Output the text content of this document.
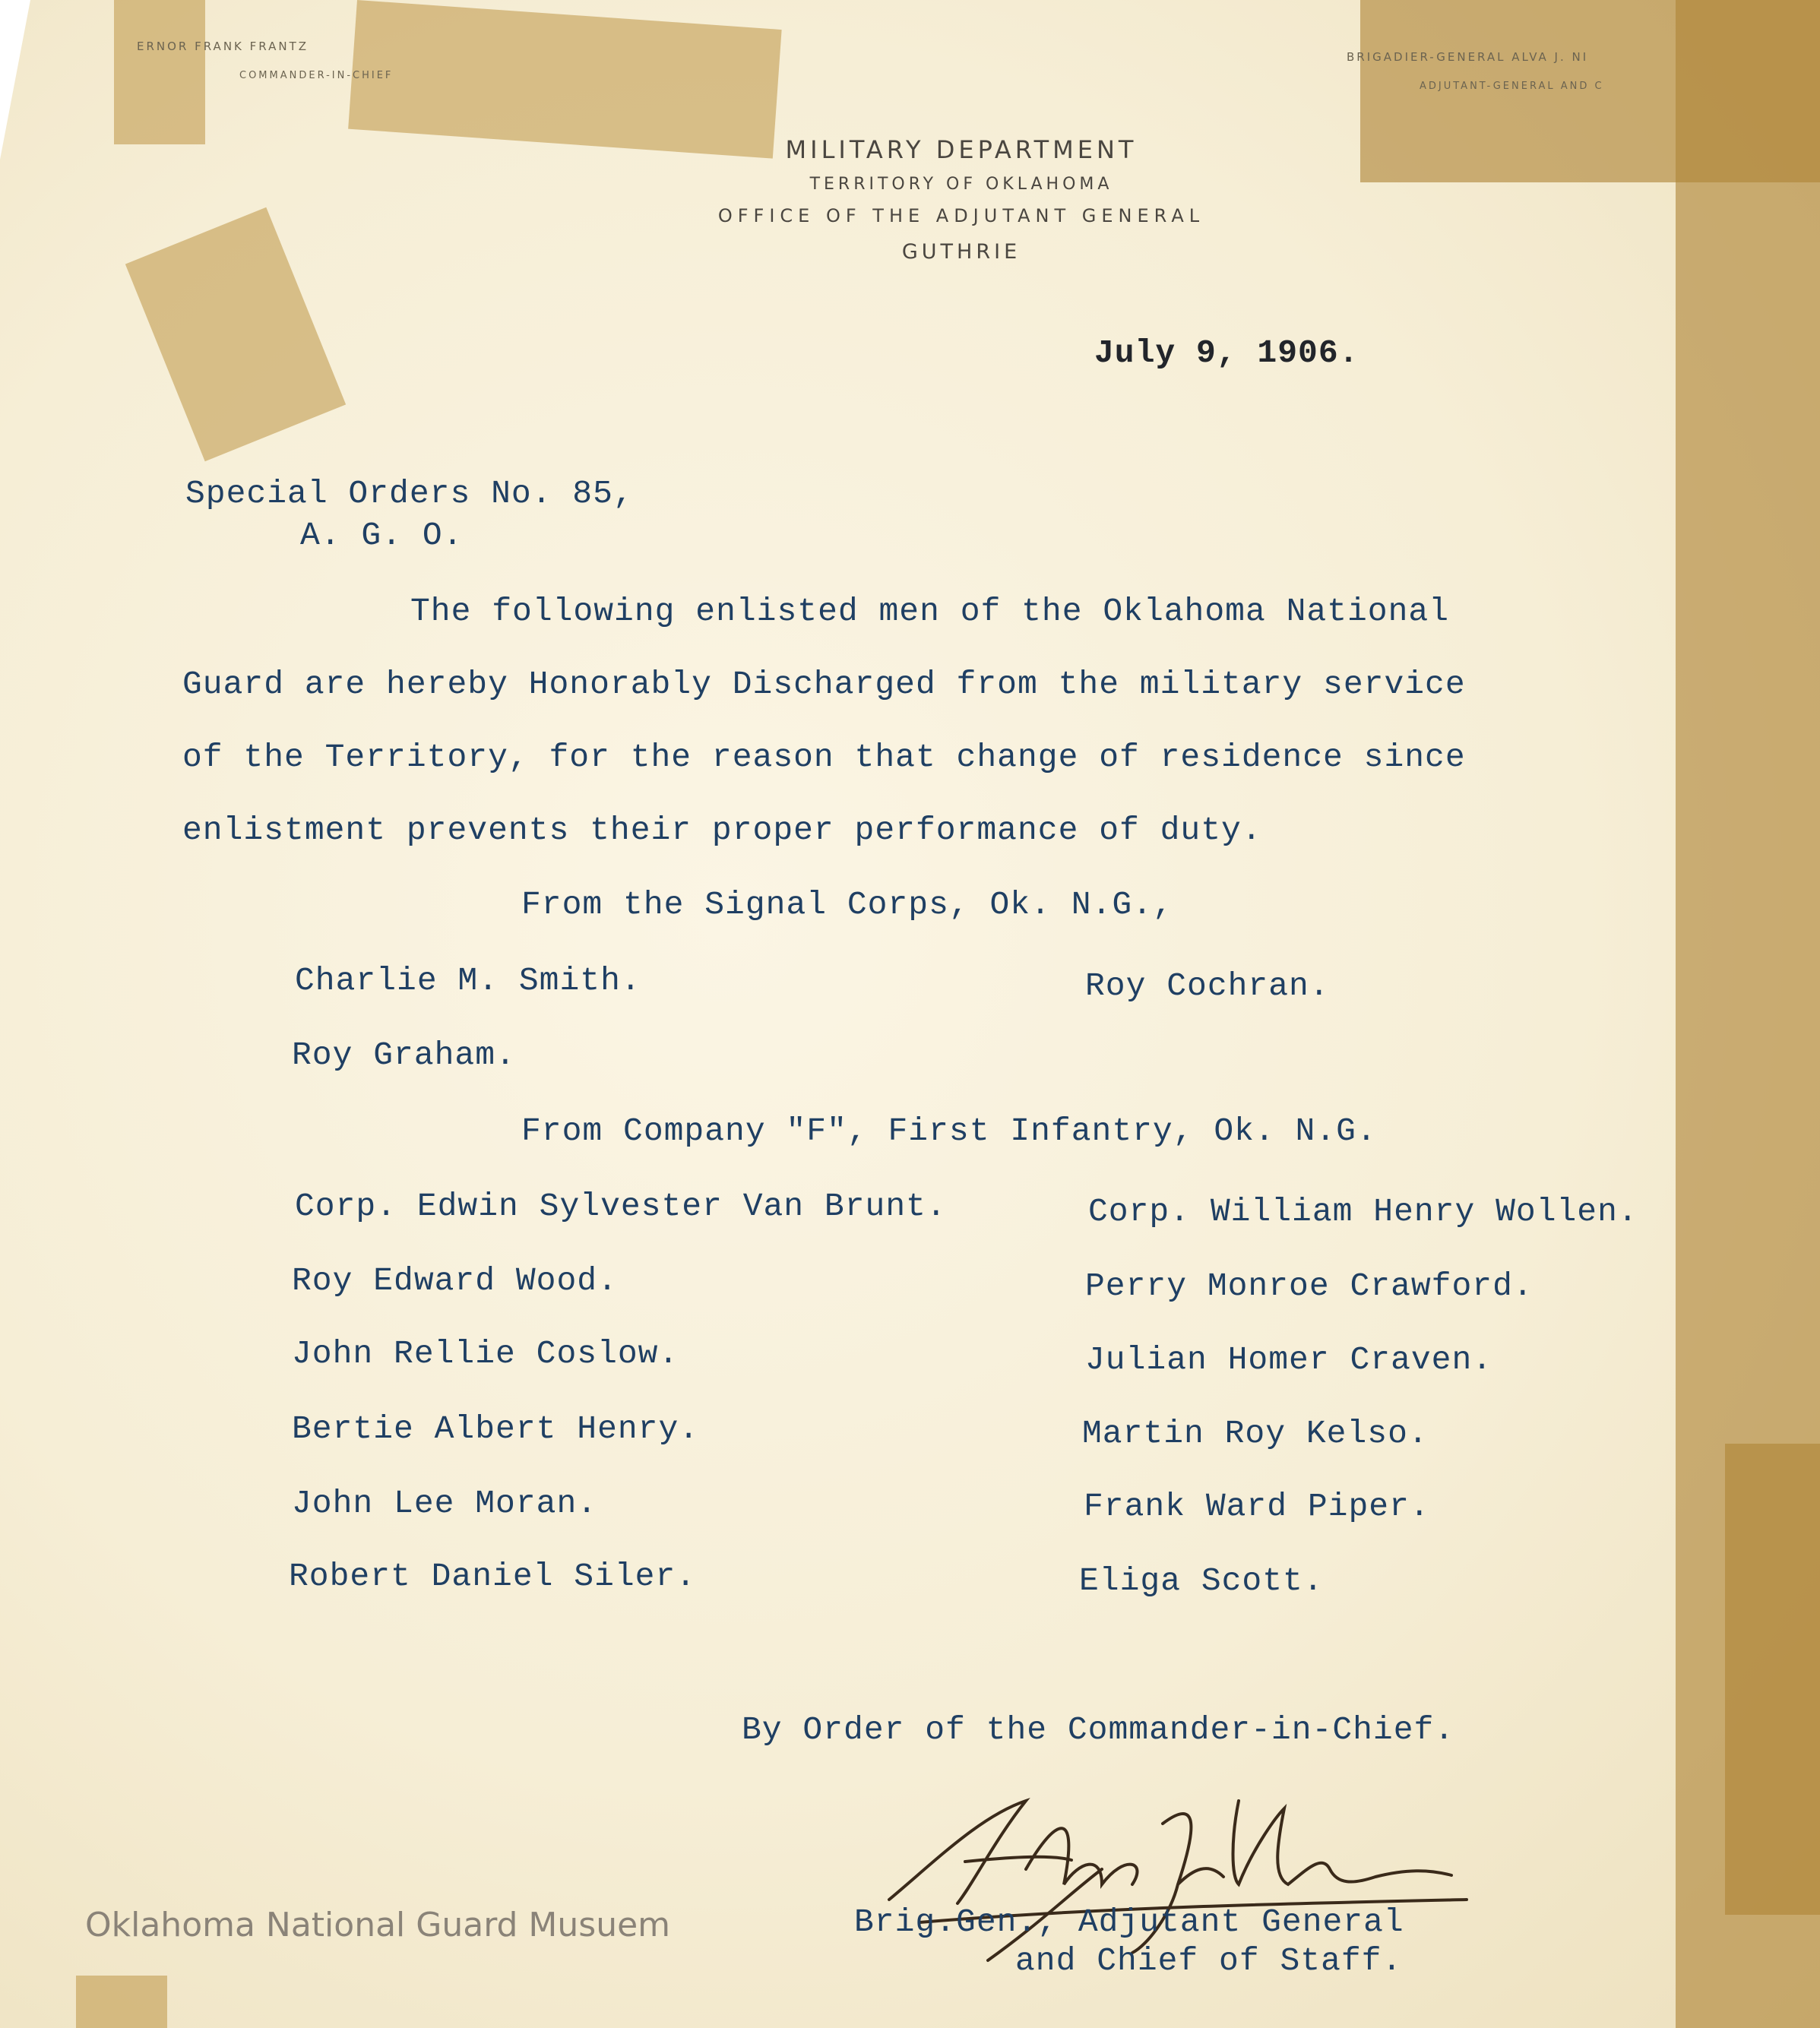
ERNOR FRANK FRANTZ
COMMANDER-IN-CHIEF
BRIGADIER-GENERAL ALVA J. NI
ADJUTANT-GENERAL AND C
MILITARY DEPARTMENT
TERRITORY OF OKLAHOMA
OFFICE OF THE ADJUTANT GENERAL
GUTHRIE
July 9, 1906.
Special Orders No. 85,
A. G. O.
The following enlisted men of the Oklahoma National
Guard are hereby Honorably Discharged from the military service
of the Territory, for the reason that change of residence since
enlistment prevents their proper performance of duty.
From the Signal Corps, Ok. N.G.,
Charlie M. Smith.	Roy Cochran.
Roy Graham.
From Company "F", First Infantry, Ok. N.G.
Corp. Edwin Sylvester Van Brunt.	Corp. William Henry Wollen.
Roy Edward Wood.	Perry Monroe Crawford.
John Rellie Coslow.	Julian Homer Craven.
Bertie Albert Henry.	Martin Roy Kelso.
John Lee Moran.	Frank Ward Piper.
Robert Daniel Siler.	Eliga Scott.
By Order of the Commander-in-Chief.
Brig.Gen., Adjutant General
and Chief of Staff.
Oklahoma National Guard Musuem
